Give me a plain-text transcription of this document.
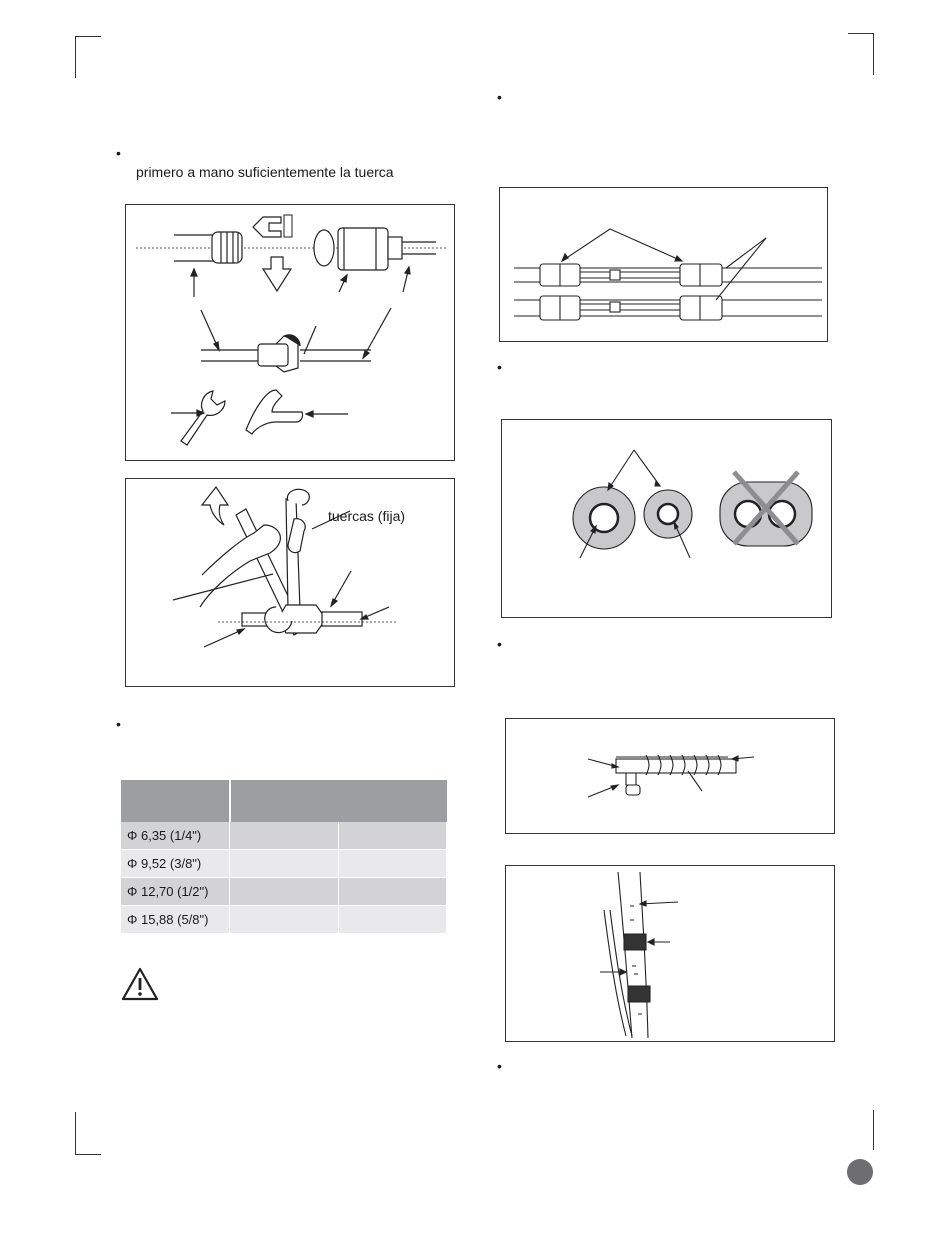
•
primero a mano suficientemente la tuerca
tuercas (fija)
•

Φ 6,35 (1/4")		
Φ 9,52 (3/8")		
Φ 12,70 (1/2")		
Φ 15,88 (5/8")		
•
•
•
•
